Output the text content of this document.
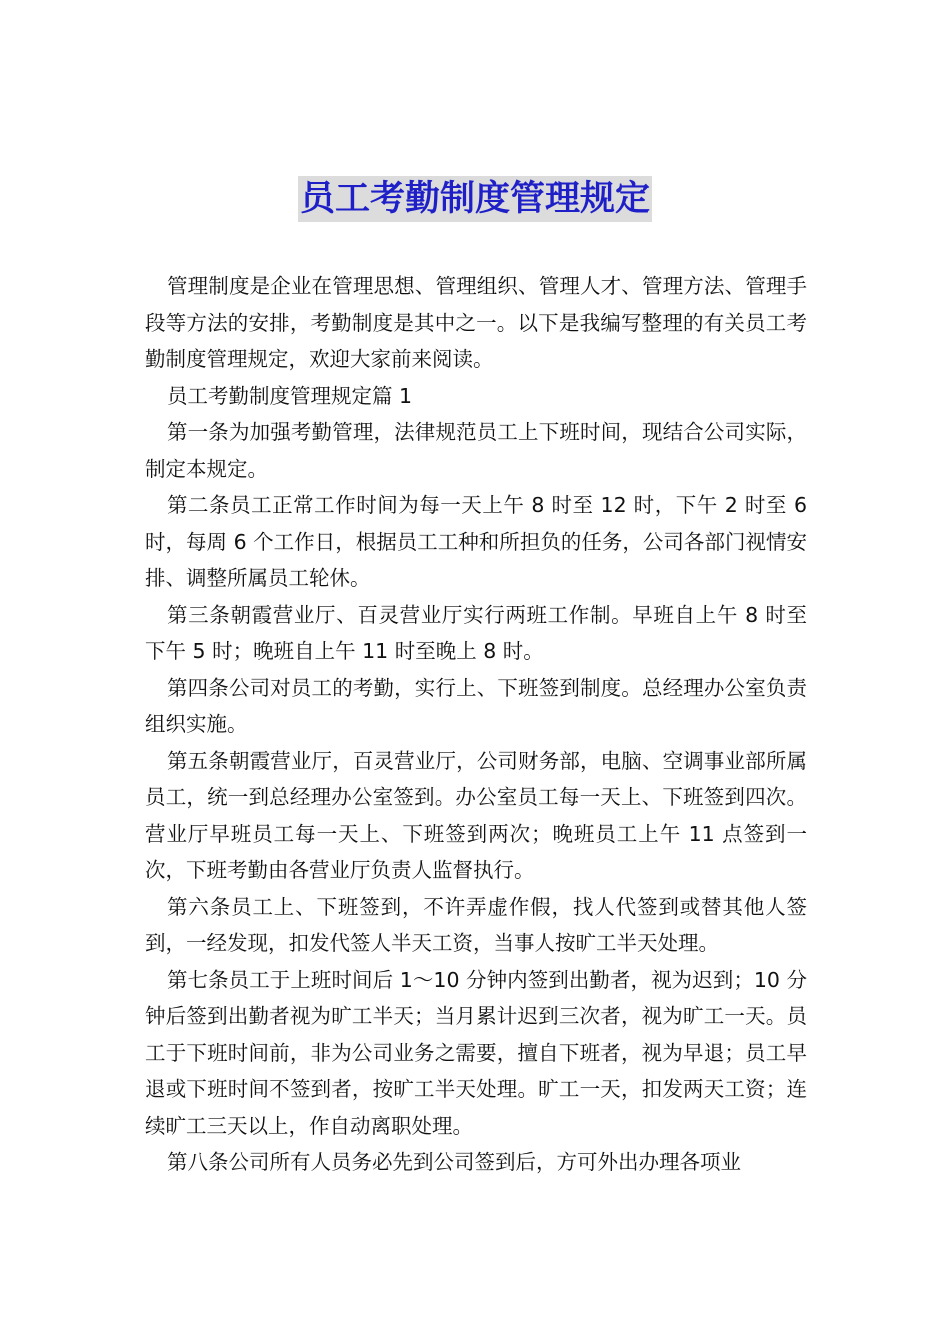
员工考勤制度管理规定

管理制度是企业在管理思想、管理组织、管理人才、管理方法、管理手段等方法的安排，考勤制度是其中之一。以下是我编写整理的有关员工考勤制度管理规定，欢迎大家前来阅读。

员工考勤制度管理规定篇 1

第一条为加强考勤管理，法律规范员工上下班时间，现结合公司实际，制定本规定。

第二条员工正常工作时间为每一天上午 8 时至 12 时，下午 2 时至 6 时，每周 6 个工作日，根据员工工种和所担负的任务，公司各部门视情安排、调整所属员工轮休。

第三条朝霞营业厅、百灵营业厅实行两班工作制。早班自上午 8 时至下午 5 时；晚班自上午 11 时至晚上 8 时。

第四条公司对员工的考勤，实行上、下班签到制度。总经理办公室负责组织实施。

第五条朝霞营业厅，百灵营业厅，公司财务部，电脑、空调事业部所属员工，统一到总经理办公室签到。办公室员工每一天上、下班签到四次。营业厅早班员工每一天上、下班签到两次；晚班员工上午 11 点签到一次，下班考勤由各营业厅负责人监督执行。

第六条员工上、下班签到，不许弄虚作假，找人代签到或替其他人签到，一经发现，扣发代签人半天工资，当事人按旷工半天处理。

第七条员工于上班时间后 1～10 分钟内签到出勤者，视为迟到；10 分钟后签到出勤者视为旷工半天；当月累计迟到三次者，视为旷工一天。员工于下班时间前，非为公司业务之需要，擅自下班者，视为早退；员工早退或下班时间不签到者，按旷工半天处理。旷工一天，扣发两天工资；连续旷工三天以上，作自动离职处理。

第八条公司所有人员务必先到公司签到后，方可外出办理各项业
